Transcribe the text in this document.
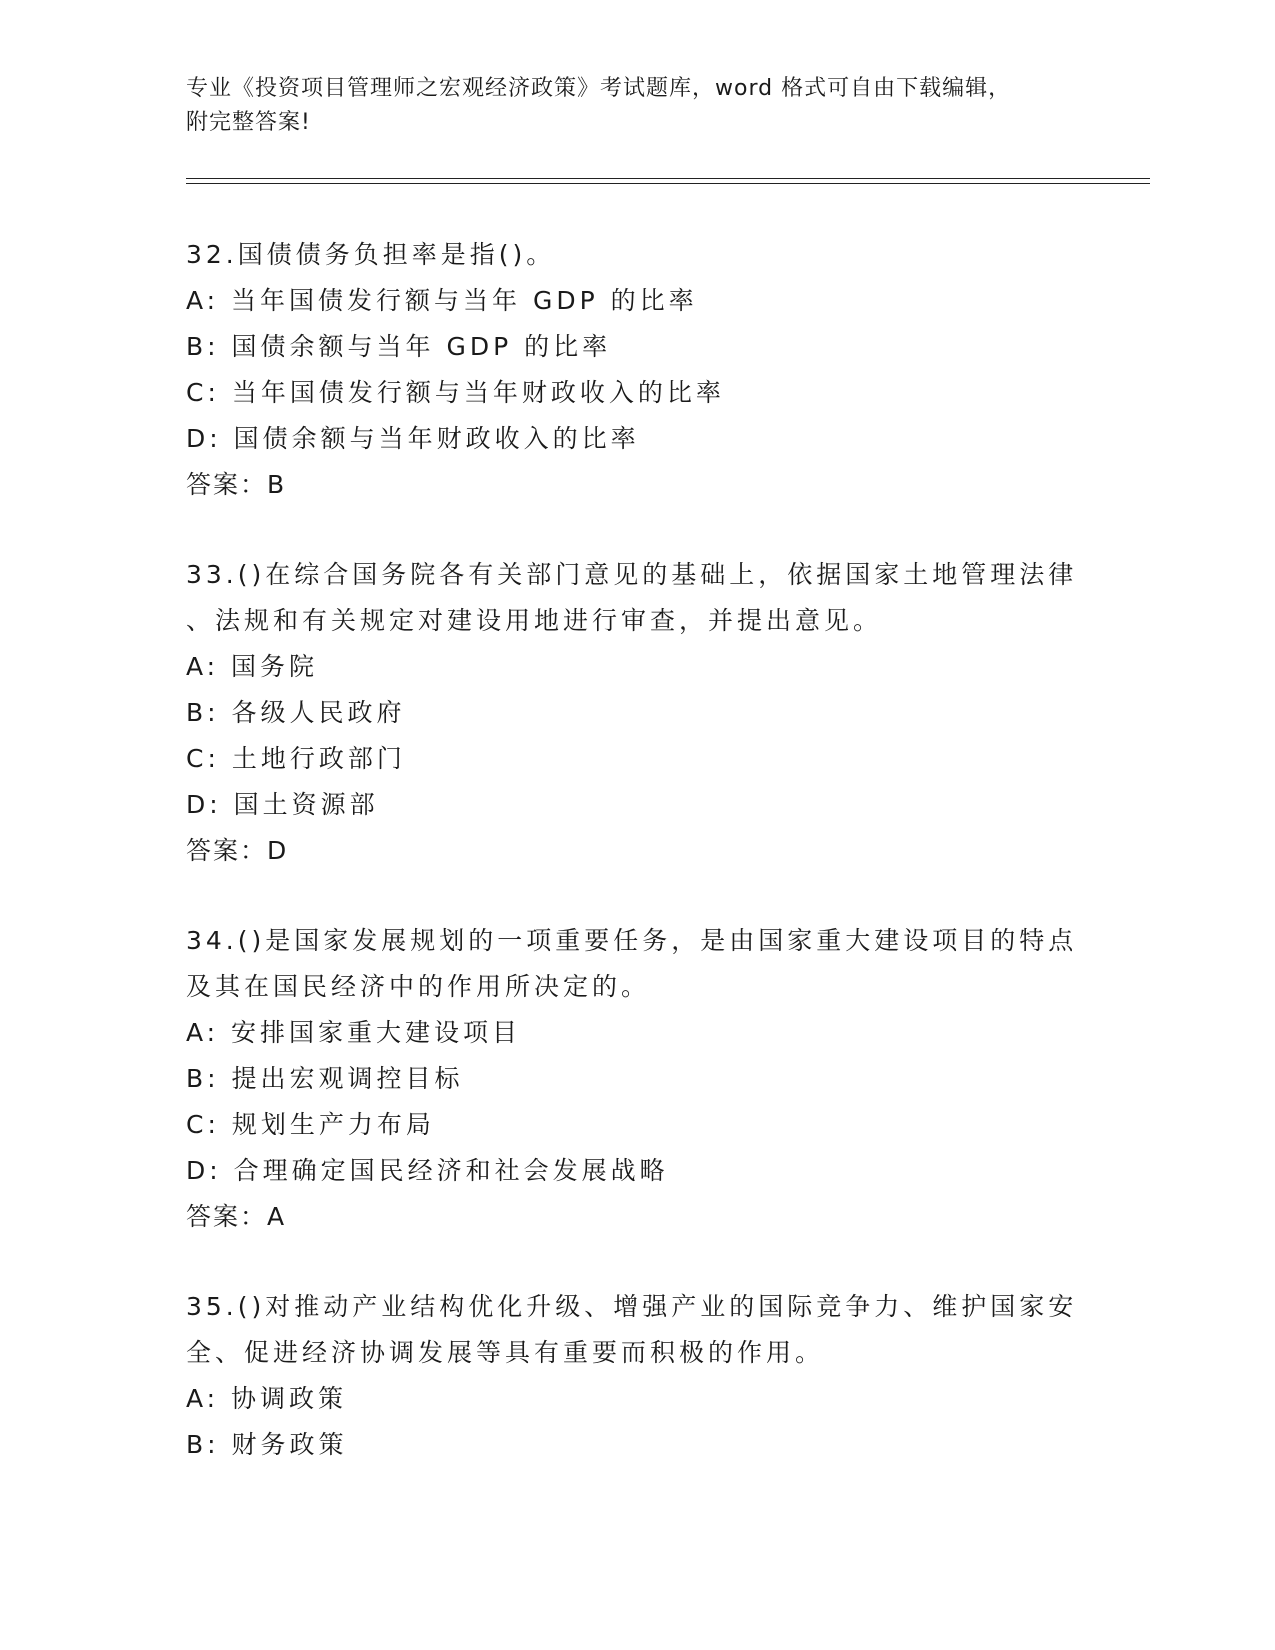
专业《投资项目管理师之宏观经济政策》考试题库，word 格式可自由下载编辑，
附完整答案!
32.国债债务负担率是指()。
A: 当年国债发行额与当年 GDP 的比率
B: 国债余额与当年 GDP 的比率
C: 当年国债发行额与当年财政收入的比率
D: 国债余额与当年财政收入的比率
答案：B
33.()在综合国务院各有关部门意见的基础上，依据国家土地管理法律
、法规和有关规定对建设用地进行审查，并提出意见。
A: 国务院
B: 各级人民政府
C: 土地行政部门
D: 国土资源部
答案：D
34.()是国家发展规划的一项重要任务，是由国家重大建设项目的特点
及其在国民经济中的作用所决定的。
A: 安排国家重大建设项目
B: 提出宏观调控目标
C: 规划生产力布局
D: 合理确定国民经济和社会发展战略
答案：A
35.()对推动产业结构优化升级、增强产业的国际竞争力、维护国家安
全、促进经济协调发展等具有重要而积极的作用。
A: 协调政策
B: 财务政策
